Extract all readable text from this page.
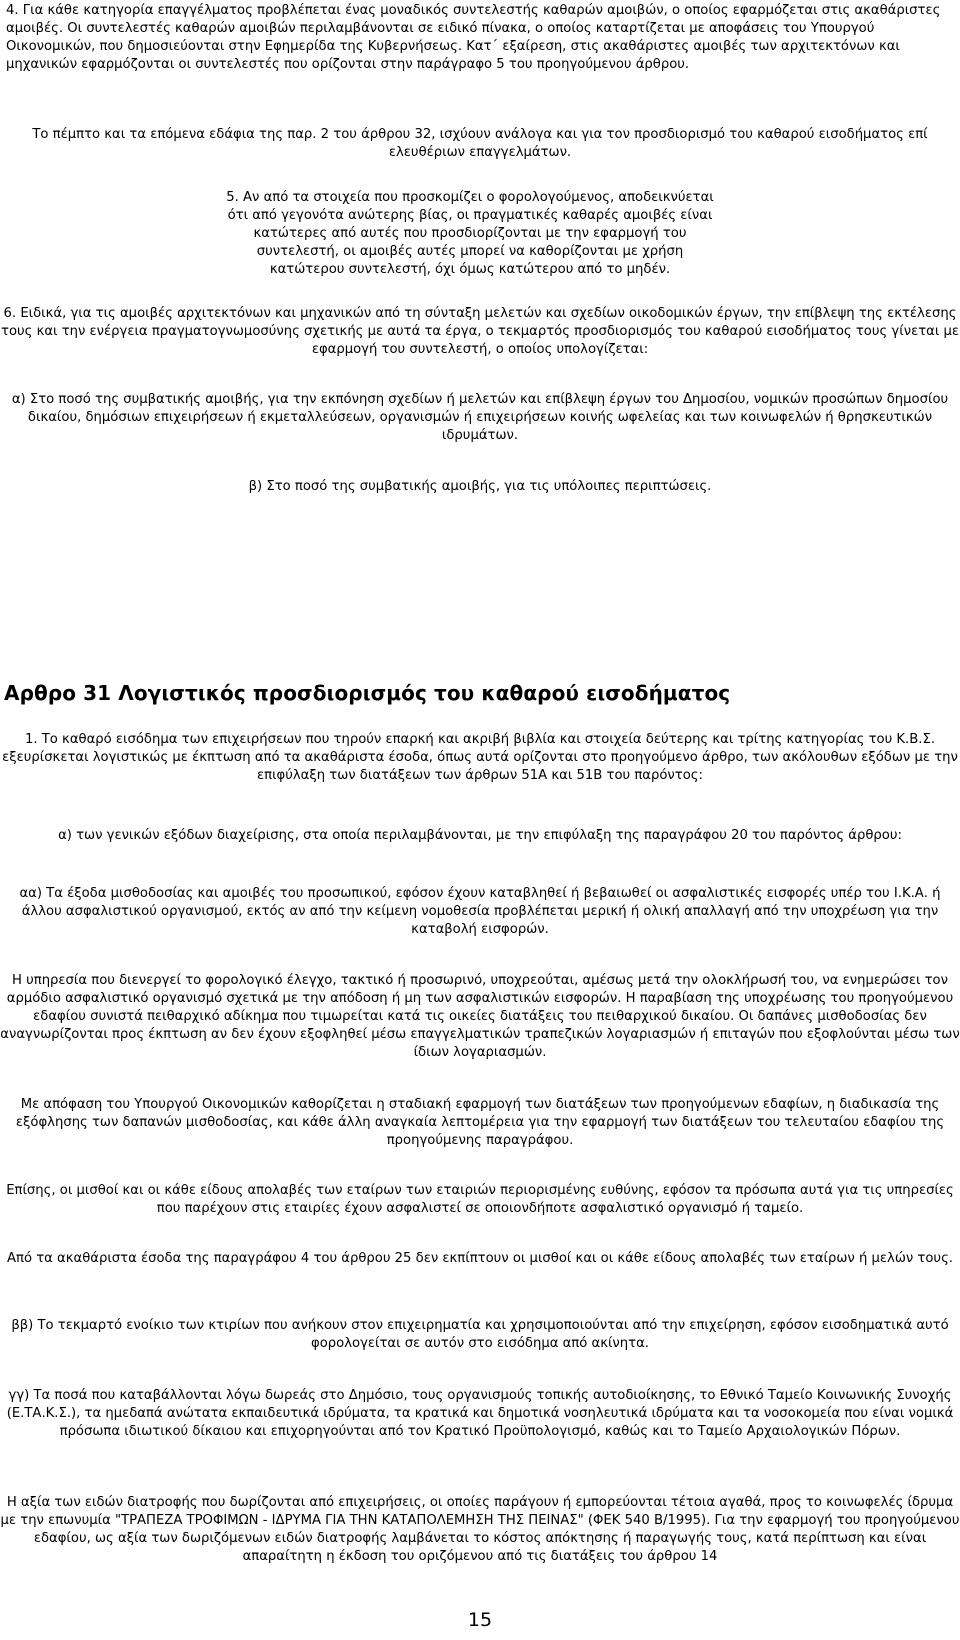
4. Για κάθε κατηγορία επαγγέλματος προβλέπεται ένας μοναδικός συντελεστής καθαρών αμοιβών, ο οποίος εφαρμόζεται στις ακαθάριστες αμοιβές. Οι συντελεστές καθαρών αμοιβών περιλαμβάνονται σε ειδικό πίνακα, ο οποίος καταρτίζεται με αποφάσεις του Υπουργού Οικονομικών, που δημοσιεύονται στην Εφημερίδα της Κυβερνήσεως. Κατ΄ εξαίρεση, στις ακαθάριστες αμοιβές των αρχιτεκτόνων και μηχανικών εφαρμόζονται οι συντελεστές που ορίζονται στην παράγραφο 5 του προηγούμενου άρθρου.

Το πέμπτο και τα επόμενα εδάφια της παρ. 2 του άρθρου 32, ισχύουν ανάλογα και για τον προσδιορισμό του καθαρού εισοδήματος επί ελευθέριων επαγγελμάτων.

5. Αν από τα στοιχεία που προσκομίζει ο φορολογούμενος, αποδεικνύεται ότι από γεγονότα ανώτερης βίας, οι πραγματικές καθαρές αμοιβές είναι κατώτερες από αυτές που προσδιορίζονται με την εφαρμογή του συντελεστή, οι αμοιβές αυτές μπορεί να καθορίζονται με χρήση κατώτερου συντελεστή, όχι όμως κατώτερου από το μηδέν.

6. Ειδικά, για τις αμοιβές αρχιτεκτόνων και μηχανικών από τη σύνταξη μελετών και σχεδίων οικοδομικών έργων, την επίβλεψη της εκτέλεσης τους και την ενέργεια πραγματογνωμοσύνης σχετικής με αυτά τα έργα, ο τεκμαρτός προσδιορισμός του καθαρού εισοδήματος τους γίνεται με εφαρμογή του συντελεστή, ο οποίος υπολογίζεται:

α) Στο ποσό της συμβατικής αμοιβής, για την εκπόνηση σχεδίων ή μελετών και επίβλεψη έργων του Δημοσίου, νομικών προσώπων δημοσίου δικαίου, δημόσιων επιχειρήσεων ή εκμεταλλεύσεων, οργανισμών ή επιχειρήσεων κοινής ωφελείας και των κοινωφελών ή θρησκευτικών ιδρυμάτων.

β) Στο ποσό της συμβατικής αμοιβής, για τις υπόλοιπες περιπτώσεις.

Αρθρο 31 Λογιστικός προσδιορισμός του καθαρού εισοδήματος

1. Το καθαρό εισόδημα των επιχειρήσεων που τηρούν επαρκή και ακριβή βιβλία και στοιχεία δεύτερης και τρίτης κατηγορίας του Κ.Β.Σ. εξευρίσκεται λογιστικώς με έκπτωση από τα ακαθάριστα έσοδα, όπως αυτά ορίζονται στο προηγούμενο άρθρο, των ακόλουθων εξόδων με την επιφύλαξη των διατάξεων των άρθρων 51Α και 51Β του παρόντος:

α) των γενικών εξόδων διαχείρισης, στα οποία περιλαμβάνονται, με την επιφύλαξη της παραγράφου 20 του παρόντος άρθρου:

αα) Τα έξοδα μισθοδοσίας και αμοιβές του προσωπικού, εφόσον έχουν καταβληθεί ή βεβαιωθεί οι ασφαλιστικές εισφορές υπέρ του Ι.Κ.Α. ή άλλου ασφαλιστικού οργανισμού, εκτός αν από την κείμενη νομοθεσία προβλέπεται μερική ή ολική απαλλαγή από την υποχρέωση για την καταβολή εισφορών.

Η υπηρεσία που διενεργεί το φορολογικό έλεγχο, τακτικό ή προσωρινό, υποχρεούται, αμέσως μετά την ολοκλήρωσή του, να ενημερώσει τον αρμόδιο ασφαλιστικό οργανισμό σχετικά με την απόδοση ή μη των ασφαλιστικών εισφορών. Η παραβίαση της υποχρέωσης του προηγούμενου εδαφίου συνιστά πειθαρχικό αδίκημα που τιμωρείται κατά τις οικείες διατάξεις του πειθαρχικού δικαίου. Οι δαπάνες μισθοδοσίας δεν αναγνωρίζονται προς έκπτωση αν δεν έχουν εξοφληθεί μέσω επαγγελματικών τραπεζικών λογαριασμών ή επιταγών που εξοφλούνται μέσω των ίδιων λογαριασμών.

Με απόφαση του Υπουργού Οικονομικών καθορίζεται η σταδιακή εφαρμογή των διατάξεων των προηγούμενων εδαφίων, η διαδικασία της εξόφλησης των δαπανών μισθοδοσίας, και κάθε άλλη αναγκαία λεπτομέρεια για την εφαρμογή των διατάξεων του τελευταίου εδαφίου της προηγούμενης παραγράφου.

Επίσης, οι μισθοί και οι κάθε είδους απολαβές των εταίρων των εταιριών περιορισμένης ευθύνης, εφόσον τα πρόσωπα αυτά για τις υπηρεσίες που παρέχουν στις εταιρίες έχουν ασφαλιστεί σε οποιονδήποτε ασφαλιστικό οργανισμό ή ταμείο.

Από τα ακαθάριστα έσοδα της παραγράφου 4 του άρθρου 25 δεν εκπίπτουν οι μισθοί και οι κάθε είδους απολαβές των εταίρων ή μελών τους.

ββ) Το τεκμαρτό ενοίκιο των κτιρίων που ανήκουν στον επιχειρηματία και χρησιμοποιούνται από την επιχείρηση, εφόσον εισοδηματικά αυτό φορολογείται σε αυτόν στο εισόδημα από ακίνητα.

γγ) Τα ποσά που καταβάλλονται λόγω δωρεάς στο Δημόσιο, τους οργανισμούς τοπικής αυτοδιοίκησης, το Εθνικό Ταμείο Κοινωνικής Συνοχής (Ε.ΤΑ.Κ.Σ.), τα ημεδαπά ανώτατα εκπαιδευτικά ιδρύματα, τα κρατικά και δημοτικά νοσηλευτικά ιδρύματα και τα νοσοκομεία που είναι νομικά πρόσωπα ιδιωτικού δίκαιου και επιχορηγούνται από τον Κρατικό Προϋπολογισμό, καθώς και το Ταμείο Αρχαιολογικών Πόρων.

Η αξία των ειδών διατροφής που δωρίζονται από επιχειρήσεις, οι οποίες παράγουν ή εμπορεύονται τέτοια αγαθά, προς το κοινωφελές ίδρυμα με την επωνυμία "ΤΡΑΠΕΖΑ ΤΡΟΦΙΜΩΝ - ΙΔΡΥΜΑ ΓΙΑ ΤΗΝ ΚΑΤΑΠΟΛΕΜΗΣΗ ΤΗΣ ΠΕΙΝΑΣ" (ΦΕΚ 540 Β/1995). Για την εφαρμογή του προηγούμενου εδαφίου, ως αξία των δωριζόμενων ειδών διατροφής λαμβάνεται το κόστος απόκτησης ή παραγωγής τους, κατά περίπτωση και είναι απαραίτητη η έκδοση του οριζόμενου από τις διατάξεις του άρθρου 14

15
